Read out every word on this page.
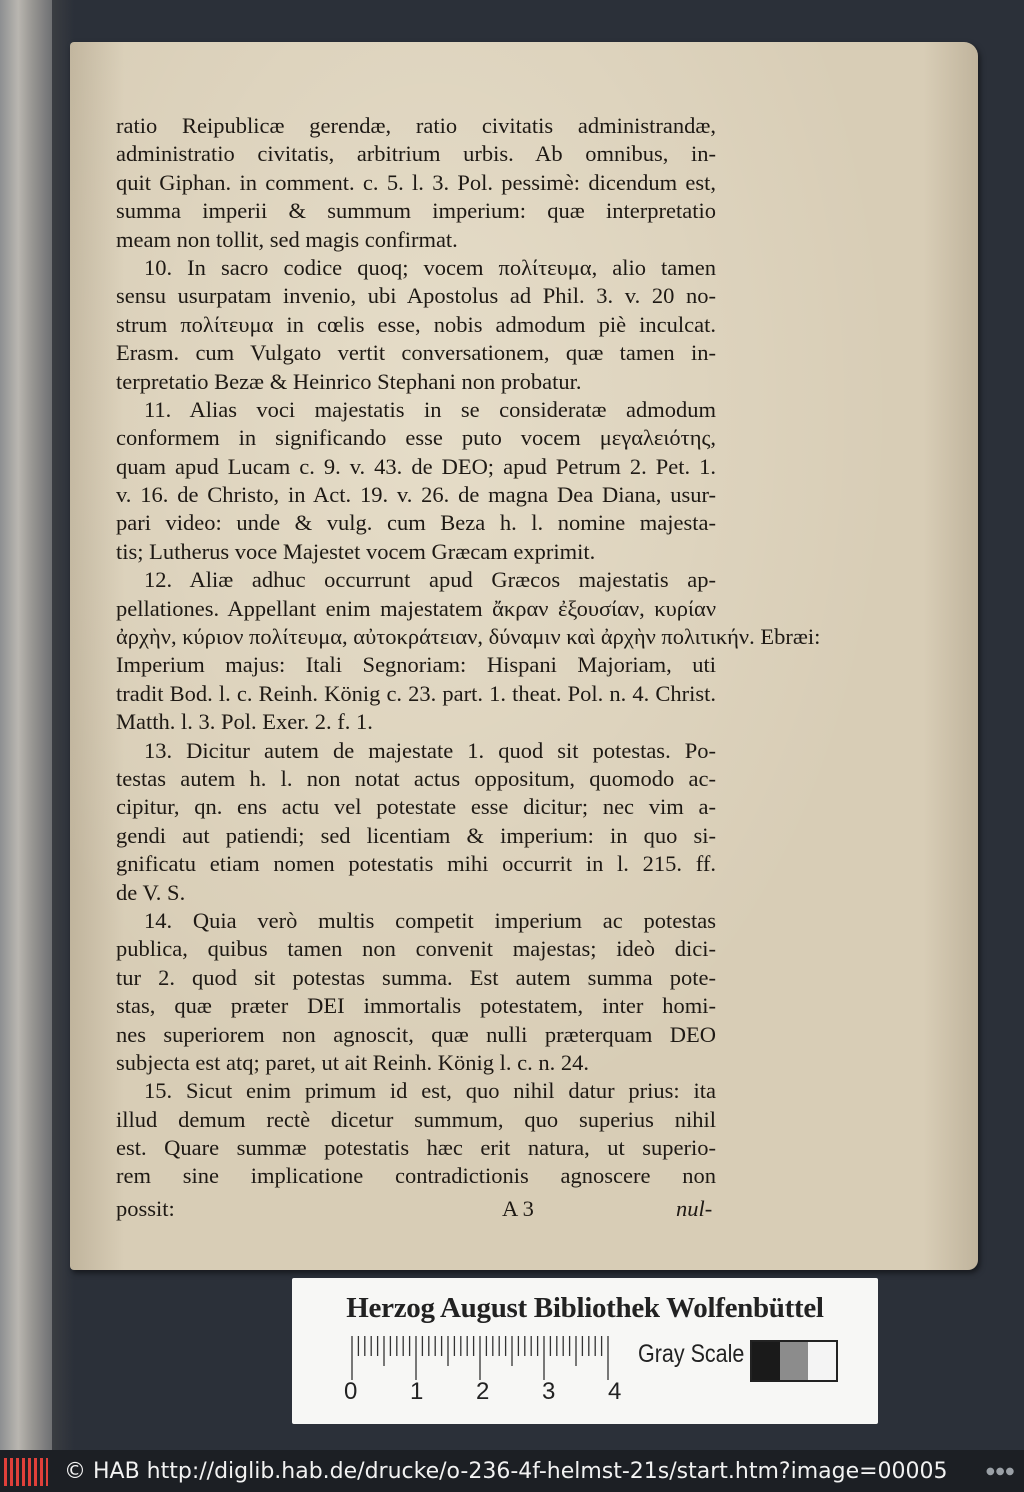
ratio Reipublicæ gerendæ, ratio civitatis administrandæ,
administratio civitatis, arbitrium urbis. Ab omnibus, in-
quit Giphan. in comment. c. 5. l. 3. Pol. pessimè: dicendum est,
summa imperii & summum imperium: quæ interpretatio
meam non tollit, sed magis confirmat.
10. In sacro codice quoq; vocem πολίτευμα, alio tamen
sensu usurpatam invenio, ubi Apostolus ad Phil. 3. v. 20 no-
strum πολίτευμα in cœlis esse, nobis admodum piè inculcat.
Erasm. cum Vulgato vertit conversationem, quæ tamen in-
terpretatio Bezæ & Heinrico Stephani non probatur.
11. Alias voci majestatis in se consideratæ admodum
conformem in significando esse puto vocem μεγαλειότης,
quam apud Lucam c. 9. v. 43. de DEO; apud Petrum 2. Pet. 1.
v. 16. de Christo, in Act. 19. v. 26. de magna Dea Diana, usur-
pari video: unde & vulg. cum Beza h. l. nomine majesta-
tis; Lutherus voce Majestet vocem Græcam exprimit.
12. Aliæ adhuc occurrunt apud Græcos majestatis ap-
pellationes. Appellant enim majestatem ἄκραν ἐξουσίαν, κυρίαν
ἀρχὴν, κύριον πολίτευμα, αὐτοκράτειαν, δύναμιν καὶ ἀρχὴν πολιτικήν. Ebræi:
Imperium majus: Itali Segnoriam: Hispani Majoriam, uti
tradit Bod. l. c. Reinh. König c. 23. part. 1. theat. Pol. n. 4. Christ.
Matth. l. 3. Pol. Exer. 2. f. 1.
13. Dicitur autem de majestate 1. quod sit potestas. Po-
testas autem h. l. non notat actus oppositum, quomodo ac-
cipitur, qn. ens actu vel potestate esse dicitur; nec vim a-
gendi aut patiendi; sed licentiam & imperium: in quo si-
gnificatu etiam nomen potestatis mihi occurrit in l. 215. ff.
de V. S.
14. Quia verò multis competit imperium ac potestas
publica, quibus tamen non convenit majestas; ideò dici-
tur 2. quod sit potestas summa. Est autem summa pote-
stas, quæ præter DEI immortalis potestatem, inter homi-
nes superiorem non agnoscit, quæ nulli præterquam DEO
subjecta est atq; paret, ut ait Reinh. König l. c. n. 24.
15. Sicut enim primum id est, quo nihil datur prius: ita
illud demum rectè dicetur summum, quo superius nihil
est. Quare summæ potestatis hæc erit natura, ut superio-
rem sine implicatione contradictionis agnoscere non
possit:	A 3	nul-
Herzog August Bibliothek Wolfenbüttel
0 1 2 3 4
Gray Scale
© HAB http://diglib.hab.de/drucke/o-236-4f-helmst-21s/start.htm?image=00005	●●●
